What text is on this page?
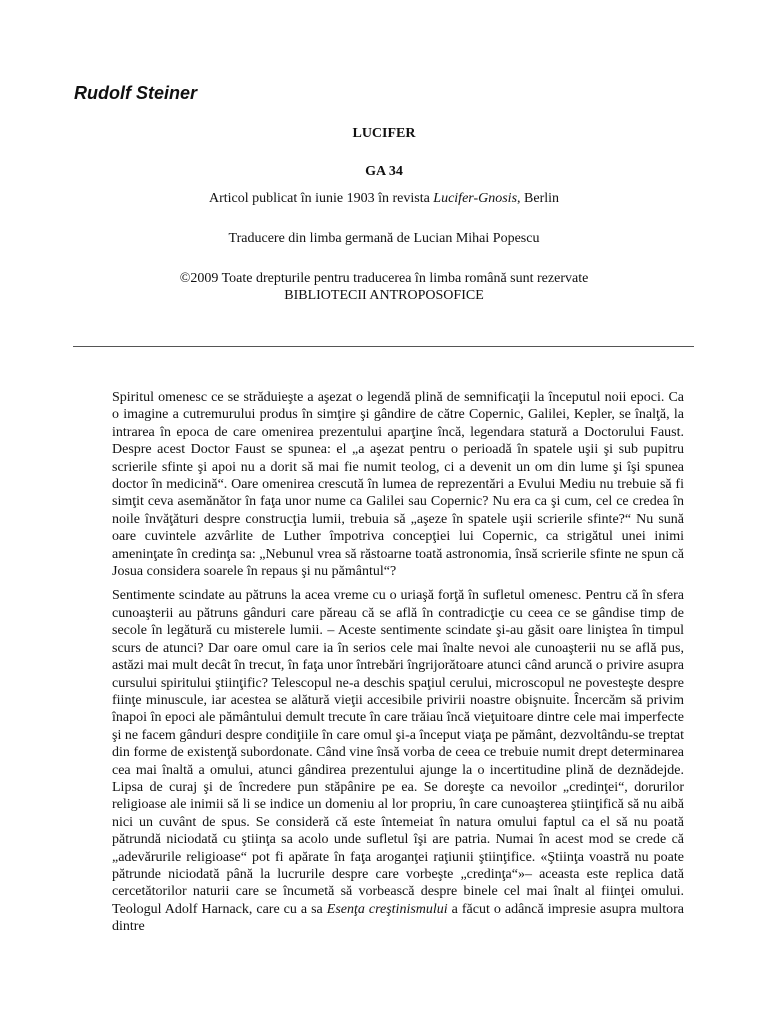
Rudolf Steiner
LUCIFER
GA 34
Articol publicat în iunie 1903 în revista Lucifer-Gnosis, Berlin
Traducere din limba germană de Lucian Mihai Popescu
©2009 Toate drepturile pentru traducerea în limba română sunt rezervate
BIBLIOTECII ANTROPOSOFICE

Spiritul omenesc ce se străduieşte a aşezat o legendă plină de semnificaţii la începutul noii epoci. Ca o imagine a cutremurului produs în simţire şi gândire de către Copernic, Galilei, Kepler, se înalţă, la intrarea în epoca de care omenirea prezentului aparţine încă, legendara statură a Doctorului Faust. Despre acest Doctor Faust se spunea: el „a aşezat pentru o perioadă în spatele uşii şi sub pupitru scrierile sfinte şi apoi nu a dorit să mai fie numit teolog, ci a devenit un om din lume şi îşi spunea doctor în medicină“. Oare omenirea crescută în lumea de reprezentări a Evului Mediu nu trebuie să fi simţit ceva asemănător în faţa unor nume ca Galilei sau Copernic? Nu era ca şi cum, cel ce credea în noile învăţături despre construcţia lumii, trebuia să „aşeze în spatele uşii scrierile sfinte?“ Nu sună oare cuvintele azvârlite de Luther împotriva concepţiei lui Copernic, ca strigătul unei inimi ameninţate în credinţa sa: „Nebunul vrea să răstoarne toată astronomia, însă scrierile sfinte ne spun că Josua considera soarele în repaus şi nu pământul“?

Sentimente scindate au pătruns la acea vreme cu o uriaşă forţă în sufletul omenesc. Pentru că în sfera cunoaşterii au pătruns gânduri care păreau că se află în contradicţie cu ceea ce se gândise timp de secole în legătură cu misterele lumii. – Aceste sentimente scindate şi-au găsit oare liniştea în timpul scurs de atunci? Dar oare omul care ia în serios cele mai înalte nevoi ale cunoaşterii nu se află pus, astăzi mai mult decât în trecut, în faţa unor întrebări îngrijorătoare atunci când aruncă o privire asupra cursului spiritului ştiinţific? Telescopul ne-a deschis spaţiul cerului, microscopul ne povesteşte despre fiinţe minuscule, iar acestea se alătură vieţii accesibile privirii noastre obişnuite. Încercăm să privim înapoi în epoci ale pământului demult trecute în care trăiau încă vieţuitoare dintre cele mai imperfecte şi ne facem gânduri despre condiţiile în care omul şi-a început viaţa pe pământ, dezvoltându-se treptat din forme de existenţă subordonate. Când vine însă vorba de ceea ce trebuie numit drept determinarea cea mai înaltă a omului, atunci gândirea prezentului ajunge la o incertitudine plină de deznădejde. Lipsa de curaj şi de încredere pun stăpânire pe ea. Se doreşte ca nevoilor „credinţei“, dorurilor religioase ale inimii să li se indice un domeniu al lor propriu, în care cunoaşterea ştiinţifică să nu aibă nici un cuvânt de spus. Se consideră că este întemeiat în natura omului faptul ca el să nu poată pătrundă niciodată cu ştiinţa sa acolo unde sufletul îşi are patria. Numai în acest mod se crede că „adevărurile religioase“ pot fi apărate în faţa aroganţei raţiunii ştiinţifice. «Ştiinţa voastră nu poate pătrunde niciodată până la lucrurile despre care vorbeşte „credinţa“»– aceasta este replica dată cercetătorilor naturii care se încumetă să vorbească despre binele cel mai înalt al fiinţei omului. Teologul Adolf Harnack, care cu a sa Esenţa creştinismului a făcut o adâncă impresie asupra multora dintre
